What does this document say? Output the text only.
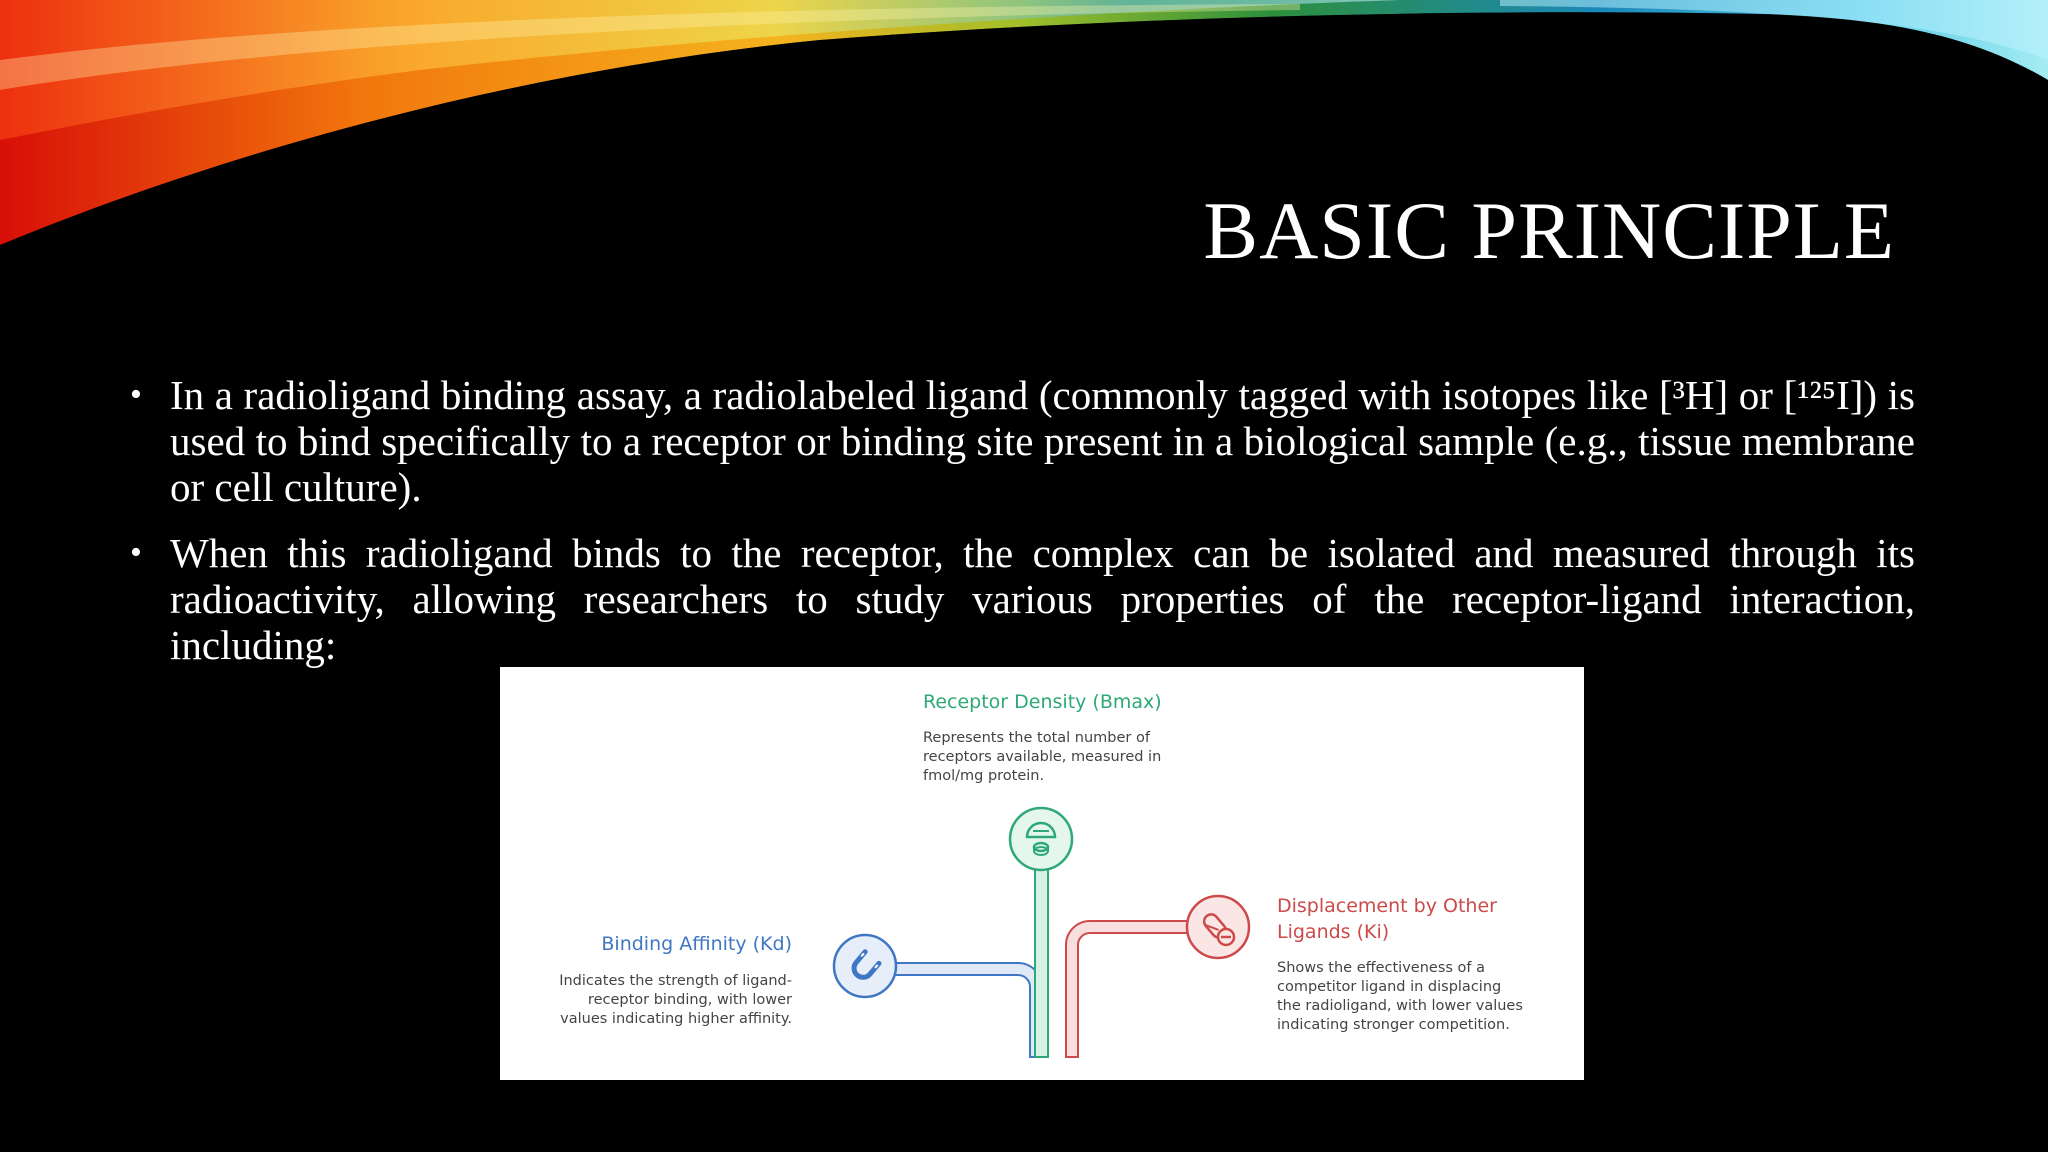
BASIC PRINCIPLE
• In a radioligand binding assay, a radiolabeled ligand (commonly tagged with isotopes like [³H] or [¹²⁵I]) is used to bind specifically to a receptor or binding site present in a biological sample (e.g., tissue membrane or cell culture).
• When this radioligand binds to the receptor, the complex can be isolated and measured through its radioactivity, allowing researchers to study various properties of the receptor-ligand interaction, including:
Receptor Density (Bmax)
Represents the total number of receptors available, measured in fmol/mg protein.
Binding Affinity (Kd)
Indicates the strength of ligand-receptor binding, with lower values indicating higher affinity.
Displacement by Other Ligands (Ki)
Shows the effectiveness of a competitor ligand in displacing the radioligand, with lower values indicating stronger competition.
